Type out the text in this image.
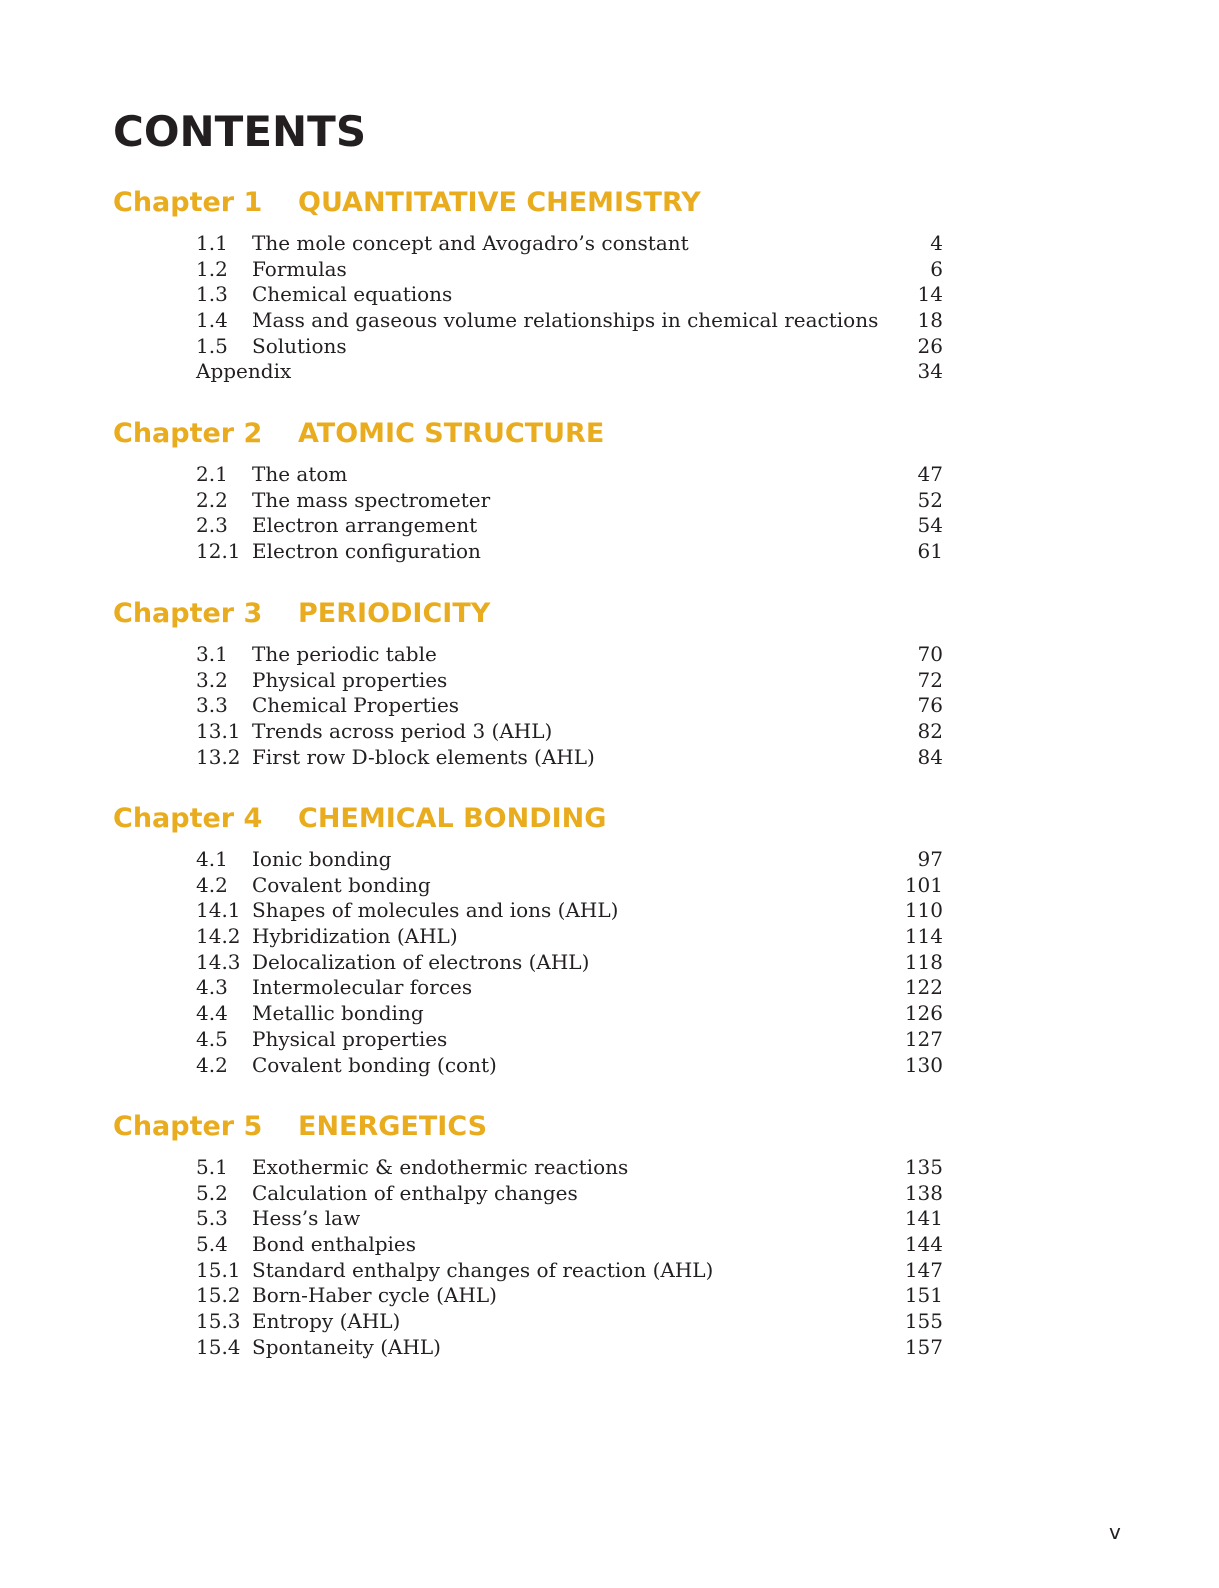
CONTENTS
Chapter 1 QUANTITATIVE CHEMISTRY
1.1 The mole concept and Avogadro’s constant	4
1.2 Formulas	6
1.3 Chemical equations	14
1.4 Mass and gaseous volume relationships in chemical reactions 18
1.5 Solutions	26
Appendix	34
Chapter 2 ATOMIC STRUCTURE
2.1 The atom	47
2.2 The mass spectrometer	52
2.3 Electron arrangement	54
12.1 Electron configuration	61
Chapter 3 PERIODICITY
3.1 The periodic table	70
3.2 Physical properties	72
3.3 Chemical Properties	76
13.1 Trends across period 3 (AHL)	82
13.2 First row D-block elements (AHL)	84
Chapter 4 CHEMICAL BONDING
4.1 Ionic bonding	97
4.2 Covalent bonding	101
14.1 Shapes of molecules and ions (AHL)	110
14.2 Hybridization (AHL)	114
14.3 Delocalization of electrons (AHL)	118
4.3 Intermolecular forces	122
4.4 Metallic bonding	126
4.5 Physical properties	127
4.2 Covalent bonding (cont)	130
Chapter 5 ENERGETICS
5.1 Exothermic & endothermic reactions	135
5.2 Calculation of enthalpy changes	138
5.3 Hess’s law	141
5.4 Bond enthalpies	144
15.1 Standard enthalpy changes of reaction (AHL)	147
15.2 Born-Haber cycle (AHL)	151
15.3 Entropy (AHL)	155
15.4 Spontaneity (AHL)	157
v
